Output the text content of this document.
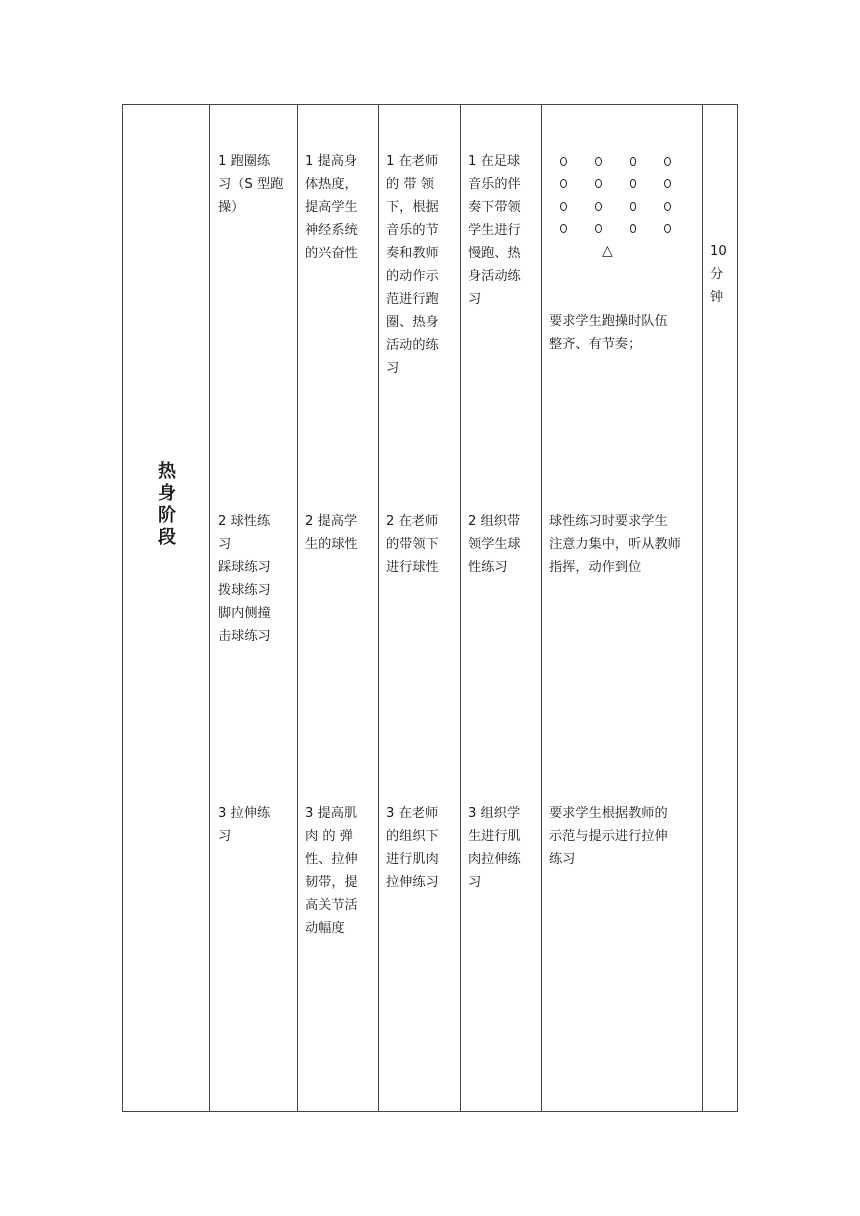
热
身
阶
段
1 跑圈练
习（S 型跑
操）
2 球性练
习
踩球练习
拨球练习
脚内侧撞
击球练习
3 拉伸练
习
1 提高身
体热度，
提高学生
神经系统
的兴奋性
2 提高学
生的球性
3 提高肌
肉 的 弹
性、拉伸
韧带，提
高关节活
动幅度
1 在老师
的 带 领
下，根据
音乐的节
奏和教师
的动作示
范进行跑
圈、热身
活动的练
习
2 在老师
的带领下
进行球性
3 在老师
的组织下
进行肌肉
拉伸练习
1 在足球
音乐的伴
奏下带领
学生进行
慢跑、热
身活动练
习
2 组织带
领学生球
性练习
3 组织学
生进行肌
肉拉伸练
习
△
要求学生跑操时队伍
整齐、有节奏；
球性练习时要求学生
注意力集中，听从教师
指挥，动作到位
要求学生根据教师的
示范与提示进行拉伸
练习
10
分
钟
